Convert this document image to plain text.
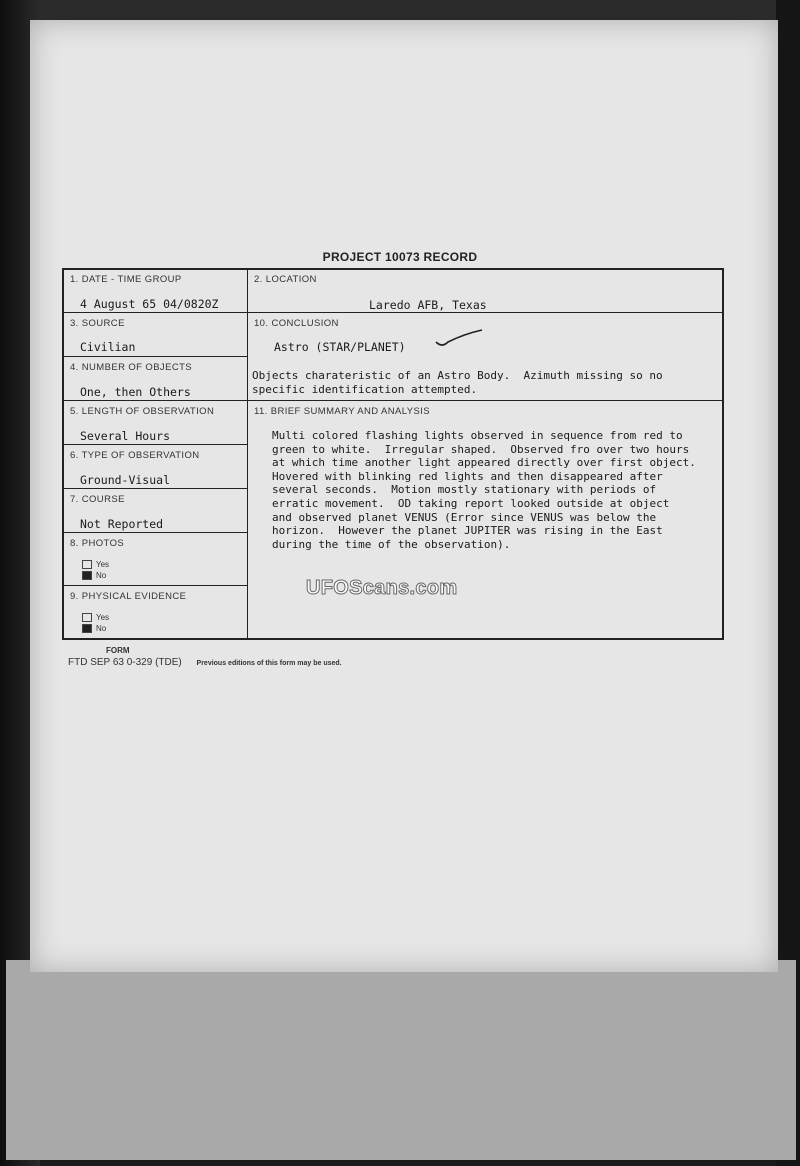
PROJECT 10073 RECORD
1. DATE - TIME GROUP
4 August 65 04/0820Z
2. LOCATION
Laredo AFB, Texas
3. SOURCE
Civilian
10. CONCLUSION
Astro (STAR/PLANET)
Objects charateristic of an Astro Body.  Azimuth missing so no
specific identification attempted.
4. NUMBER OF OBJECTS
One, then Others
5. LENGTH OF OBSERVATION
Several Hours
11. BRIEF SUMMARY AND ANALYSIS
Multi colored flashing lights observed in sequence from red to
green to white.  Irregular shaped.  Observed fro over two hours
at which time another light appeared directly over first object.
Hovered with blinking red lights and then disappeared after
several seconds.  Motion mostly stationary with periods of
erratic movement.  OD taking report looked outside at object
and observed planet VENUS (Error since VENUS was below the
horizon.  However the planet JUPITER was rising in the East
during the time of the observation).
6. TYPE OF OBSERVATION
Ground-Visual
7. COURSE
Not Reported
8. PHOTOS
Yes
No
9. PHYSICAL EVIDENCE
Yes
No
UFOScans.com
FORM
FTD SEP 63 0-329 (TDE) Previous editions of this form may be used.
